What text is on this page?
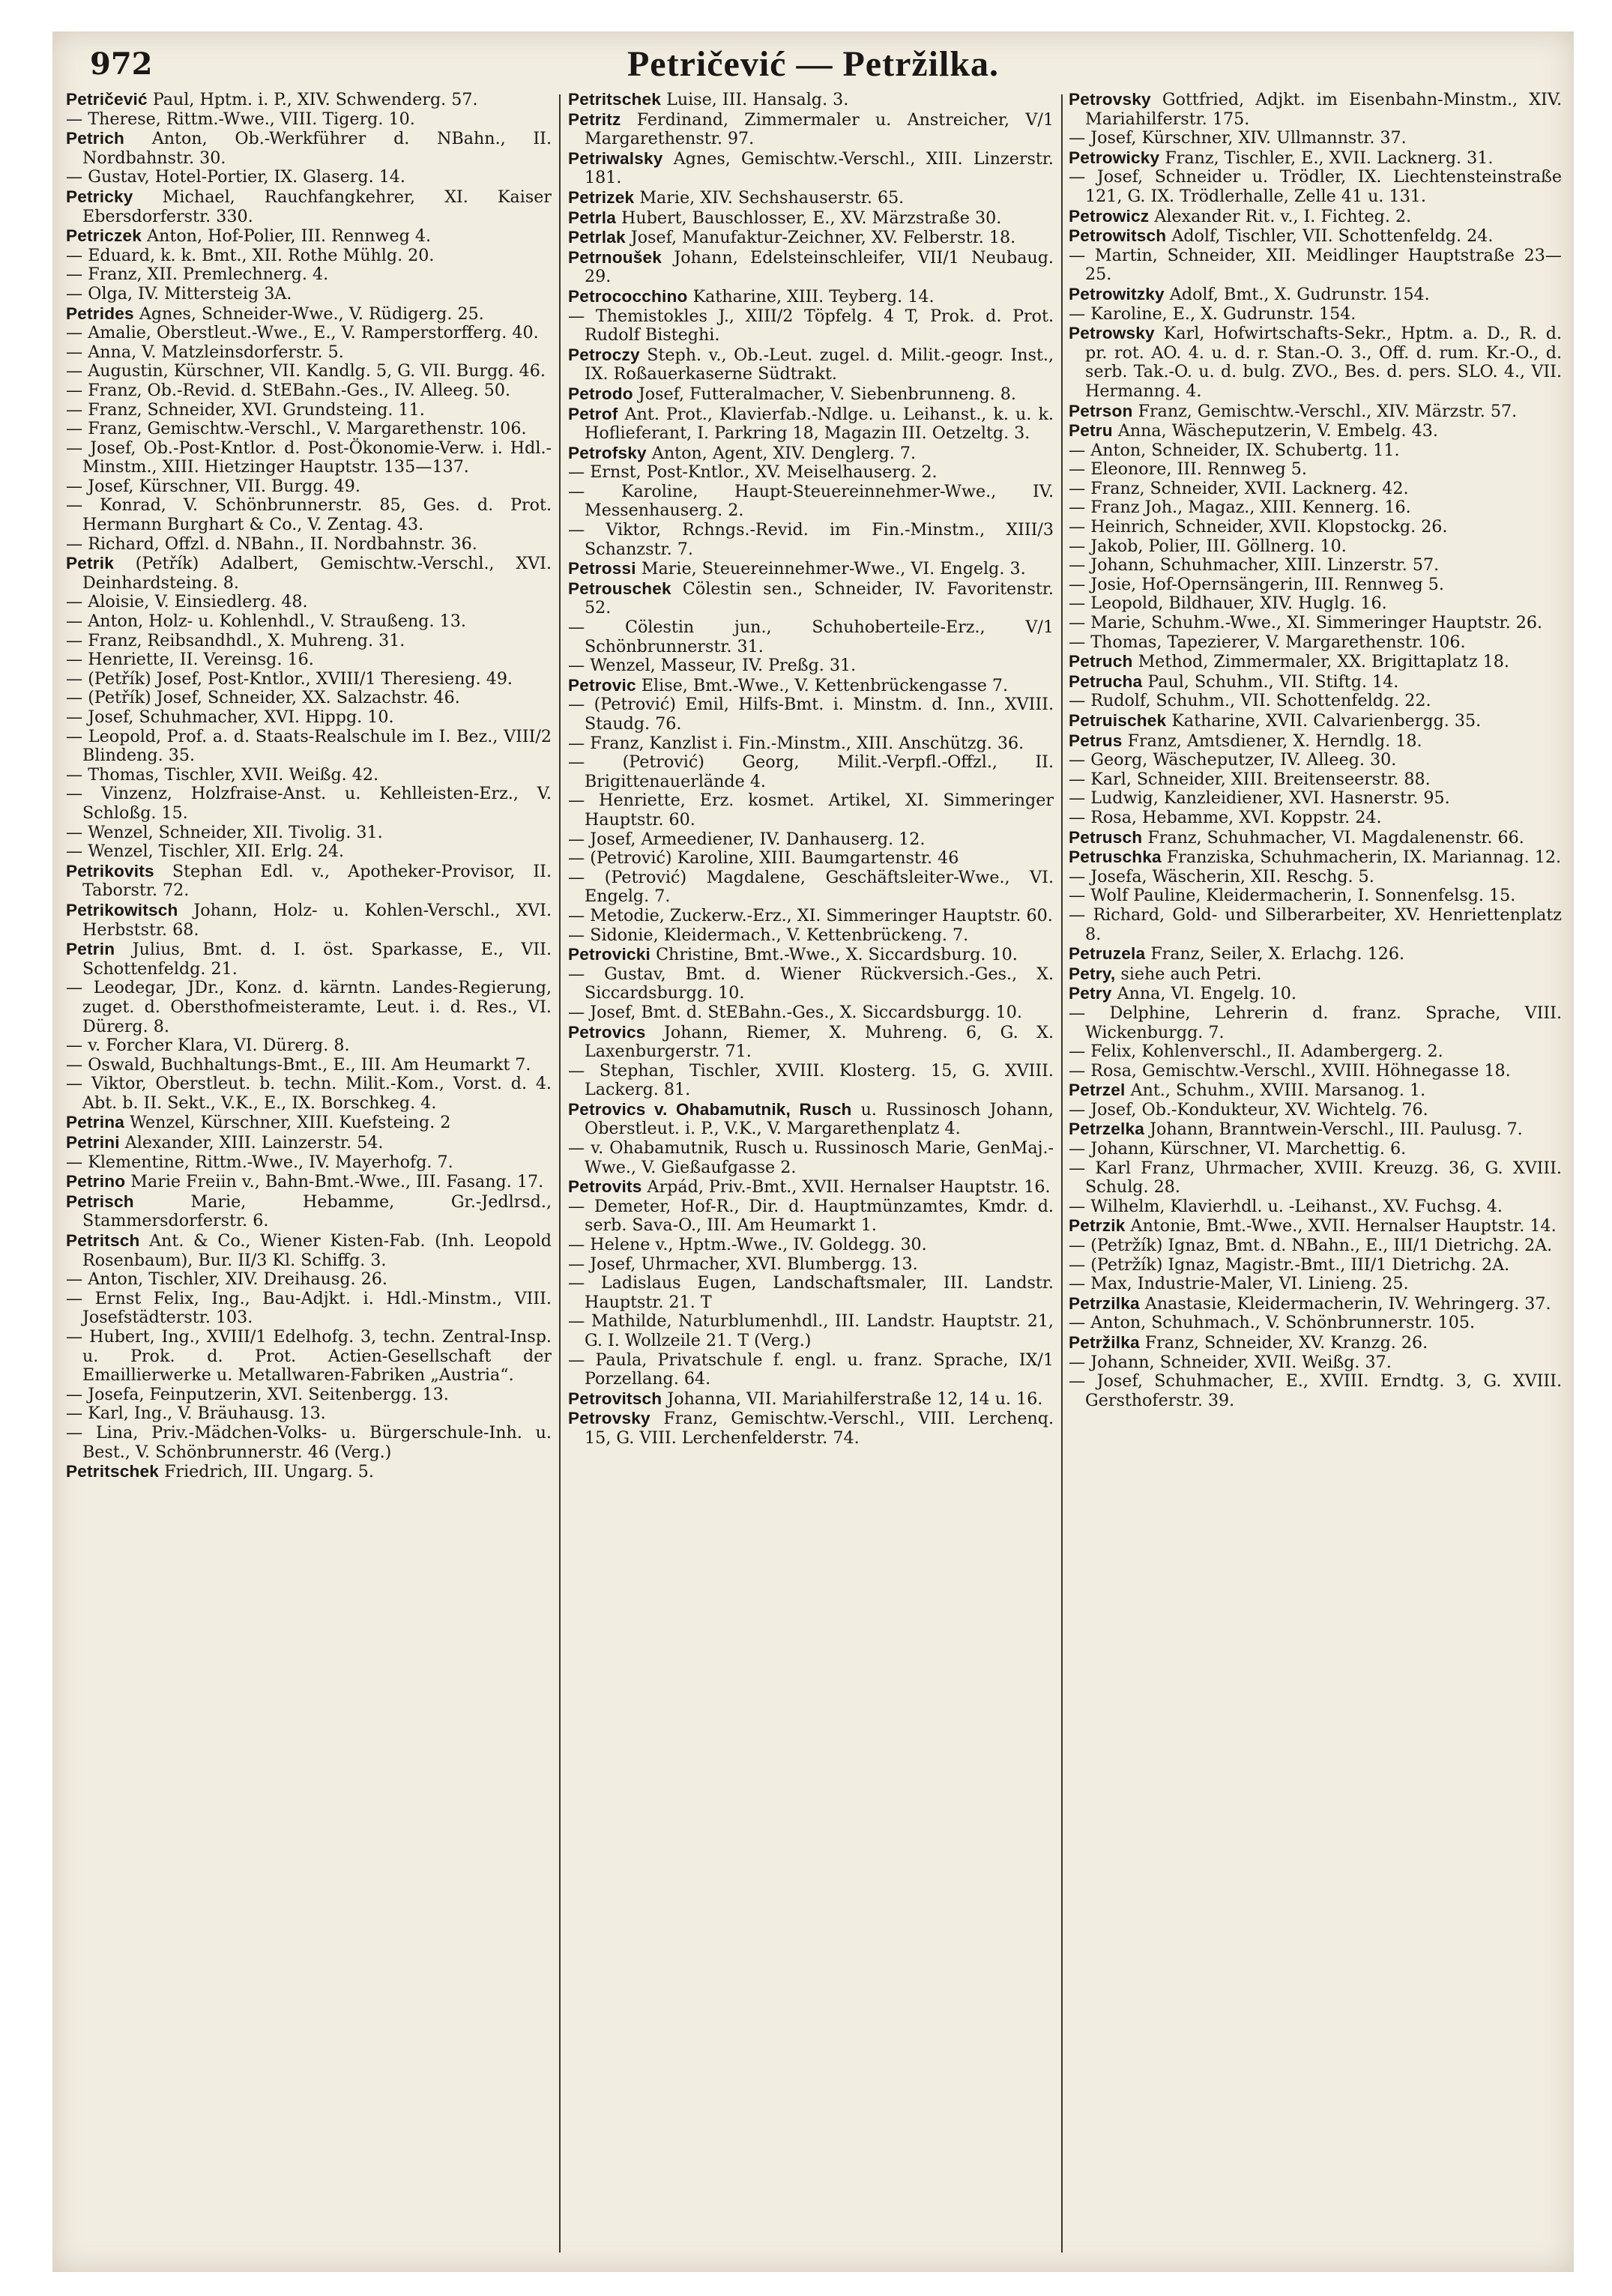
972	Petričević — Petržilka.
Petričević Paul, Hptm. i. P., XIV. Schwenderg. 57.
— Therese, Rittm.-Wwe., VIII. Tigerg. 10.
Petrich Anton, Ob.-Werkführer d. NBahn., II. Nordbahnstr. 30.
— Gustav, Hotel-Portier, IX. Glaserg. 14.
Petricky Michael, Rauchfangkehrer, XI. Kaiser Ebersdorferstr. 330.
Petriczek Anton, Hof-Polier, III. Rennweg 4.
— Eduard, k. k. Bmt., XII. Rothe Mühlg. 20.
— Franz, XII. Premlechnerg. 4.
— Olga, IV. Mittersteig 3A.
Petrides Agnes, Schneider-Wwe., V. Rüdigerg. 25.
— Amalie, Oberstleut.-Wwe., E., V. Ramperstorfferg. 40.
— Anna, V. Matzleinsdorferstr. 5.
— Augustin, Kürschner, VII. Kandlg. 5, G. VII. Burgg. 46.
— Franz, Ob.-Revid. d. StEBahn.-Ges., IV. Alleeg. 50.
— Franz, Schneider, XVI. Grundsteing. 11.
— Franz, Gemischtw.-Verschl., V. Margarethenstr. 106.
— Josef, Ob.-Post-Kntlor. d. Post-Ökonomie-Verw. i. Hdl.-Minstm., XIII. Hietzinger Hauptstr. 135—137.
— Josef, Kürschner, VII. Burgg. 49.
— Konrad, V. Schönbrunnerstr. 85, Ges. d. Prot. Hermann Burghart & Co., V. Zentag. 43.
— Richard, Offzl. d. NBahn., II. Nordbahnstr. 36.
Petrik (Petřík) Adalbert, Gemischtw.-Verschl., XVI. Deinhardsteing. 8.
— Aloisie, V. Einsiedlerg. 48.
— Anton, Holz- u. Kohlenhdl., V. Straußeng. 13.
— Franz, Reibsandhdl., X. Muhreng. 31.
— Henriette, II. Vereinsg. 16.
— (Petřík) Josef, Post-Kntlor., XVIII/1 Theresieng. 49.
— (Petřík) Josef, Schneider, XX. Salzachstr. 46.
— Josef, Schuhmacher, XVI. Hippg. 10.
— Leopold, Prof. a. d. Staats-Realschule im I. Bez., VIII/2 Blindeng. 35.
— Thomas, Tischler, XVII. Weißg. 42.
— Vinzenz, Holzfraise-Anst. u. Kehlleisten-Erz., V. Schloßg. 15.
— Wenzel, Schneider, XII. Tivolig. 31.
— Wenzel, Tischler, XII. Erlg. 24.
Petrikovits Stephan Edl. v., Apotheker-Provisor, II. Taborstr. 72.
Petrikowitsch Johann, Holz- u. Kohlen-Verschl., XVI. Herbststr. 68.
Petrin Julius, Bmt. d. I. öst. Sparkasse, E., VII. Schottenfeldg. 21.
— Leodegar, JDr., Konz. d. kärntn. Landes-Regierung, zuget. d. Obersthofmeisteramte, Leut. i. d. Res., VI. Dürerg. 8.
— v. Forcher Klara, VI. Dürerg. 8.
— Oswald, Buchhaltungs-Bmt., E., III. Am Heumarkt 7.
— Viktor, Oberstleut. b. techn. Milit.-Kom., Vorst. d. 4. Abt. b. II. Sekt., V.K., E., IX. Borschkeg. 4.
Petrina Wenzel, Kürschner, XIII. Kuefsteing. 2
Petrini Alexander, XIII. Lainzerstr. 54.
— Klementine, Rittm.-Wwe., IV. Mayerhofg. 7.
Petrino Marie Freiin v., Bahn-Bmt.-Wwe., III. Fasang. 17.
Petrisch Marie, Hebamme, Gr.-Jedlrsd., Stammersdorferstr. 6.
Petritsch Ant. & Co., Wiener Kisten-Fab. (Inh. Leopold Rosenbaum), Bur. II/3 Kl. Schiffg. 3.
— Anton, Tischler, XIV. Dreihausg. 26.
— Ernst Felix, Ing., Bau-Adjkt. i. Hdl.-Minstm., VIII. Josefstädterstr. 103.
— Hubert, Ing., XVIII/1 Edelhofg. 3, techn. Zentral-Insp. u. Prok. d. Prot. Actien-Gesellschaft der Emaillierwerke u. Metallwaren-Fabriken „Austria“.
— Josefa, Feinputzerin, XVI. Seitenbergg. 13.
— Karl, Ing., V. Bräuhausg. 13.
— Lina, Priv.-Mädchen-Volks- u. Bürgerschule-Inh. u. Best., V. Schönbrunnerstr. 46 (Verg.)
Petritschek Friedrich, III. Ungarg. 5.
Petritschek Luise, III. Hansalg. 3.
Petritz Ferdinand, Zimmermaler u. Anstreicher, V/1 Margarethenstr. 97.
Petriwalsky Agnes, Gemischtw.-Verschl., XIII. Linzerstr. 181.
Petrizek Marie, XIV. Sechshauserstr. 65.
Petrla Hubert, Bauschlosser, E., XV. Märzstraße 30.
Petrlak Josef, Manufaktur-Zeichner, XV. Felberstr. 18.
Petrnoušek Johann, Edelsteinschleifer, VII/1 Neubaug. 29.
Petrococchino Katharine, XIII. Teyberg. 14.
— Themistokles J., XIII/2 Töpfelg. 4 T, Prok. d. Prot. Rudolf Bisteghi.
Petroczy Steph. v., Ob.-Leut. zugel. d. Milit.-geogr. Inst., IX. Roßauerkaserne Südtrakt.
Petrodo Josef, Futteralmacher, V. Siebenbrunneng. 8.
Petrof Ant. Prot., Klavierfab.-Ndlge. u. Leihanst., k. u. k. Hoflieferant, I. Parkring 18, Magazin III. Oetzeltg. 3.
Petrofsky Anton, Agent, XIV. Denglerg. 7.
— Ernst, Post-Kntlor., XV. Meiselhauserg. 2.
— Karoline, Haupt-Steuereinnehmer-Wwe., IV. Messenhauserg. 2.
— Viktor, Rchngs.-Revid. im Fin.-Minstm., XIII/3 Schanzstr. 7.
Petrossi Marie, Steuereinnehmer-Wwe., VI. Engelg. 3.
Petrouschek Cölestin sen., Schneider, IV. Favoritenstr. 52.
— Cölestin jun., Schuhoberteile-Erz., V/1 Schönbrunnerstr. 31.
— Wenzel, Masseur, IV. Preßg. 31.
Petrovic Elise, Bmt.-Wwe., V. Kettenbrückengasse 7.
— (Petrović) Emil, Hilfs-Bmt. i. Minstm. d. Inn., XVIII. Staudg. 76.
— Franz, Kanzlist i. Fin.-Minstm., XIII. Anschützg. 36.
— (Petrović) Georg, Milit.-Verpfl.-Offzl., II. Brigittenauerlände 4.
— Henriette, Erz. kosmet. Artikel, XI. Simmeringer Hauptstr. 60.
— Josef, Armeediener, IV. Danhauserg. 12.
— (Petrović) Karoline, XIII. Baumgartenstr. 46
— (Petrović) Magdalene, Geschäftsleiter-Wwe., VI. Engelg. 7.
— Metodie, Zuckerw.-Erz., XI. Simmeringer Hauptstr. 60.
— Sidonie, Kleidermach., V. Kettenbrückeng. 7.
Petrovicki Christine, Bmt.-Wwe., X. Siccardsburg. 10.
— Gustav, Bmt. d. Wiener Rückversich.-Ges., X. Siccardsburgg. 10.
— Josef, Bmt. d. StEBahn.-Ges., X. Siccardsburgg. 10.
Petrovics Johann, Riemer, X. Muhreng. 6, G. X. Laxenburgerstr. 71.
— Stephan, Tischler, XVIII. Klosterg. 15, G. XVIII. Lackerg. 81.
Petrovics v. Ohabamutnik, Rusch u. Russinosch Johann, Oberstleut. i. P., V.K., V. Margarethenplatz 4.
— v. Ohabamutnik, Rusch u. Russinosch Marie, GenMaj.-Wwe., V. Gießaufgasse 2.
Petrovits Arpád, Priv.-Bmt., XVII. Hernalser Hauptstr. 16.
— Demeter, Hof-R., Dir. d. Hauptmünzamtes, Kmdr. d. serb. Sava-O., III. Am Heumarkt 1.
— Helene v., Hptm.-Wwe., IV. Goldegg. 30.
— Josef, Uhrmacher, XVI. Blumbergg. 13.
— Ladislaus Eugen, Landschaftsmaler, III. Landstr. Hauptstr. 21. T
— Mathilde, Naturblumenhdl., III. Landstr. Hauptstr. 21, G. I. Wollzeile 21. T (Verg.)
— Paula, Privatschule f. engl. u. franz. Sprache, IX/1 Porzellang. 64.
Petrovitsch Johanna, VII. Mariahilferstraße 12, 14 u. 16.
Petrovsky Franz, Gemischtw.-Verschl., VIII. Lerchenq. 15, G. VIII. Lerchenfelderstr. 74.
Petrovsky Gottfried, Adjkt. im Eisenbahn-Minstm., XIV. Mariahilferstr. 175.
— Josef, Kürschner, XIV. Ullmannstr. 37.
Petrowicky Franz, Tischler, E., XVII. Lacknerg. 31.
— Josef, Schneider u. Trödler, IX. Liechtensteinstraße 121, G. IX. Trödlerhalle, Zelle 41 u. 131.
Petrowicz Alexander Rit. v., I. Fichteg. 2.
Petrowitsch Adolf, Tischler, VII. Schottenfeldg. 24.
— Martin, Schneider, XII. Meidlinger Hauptstraße 23—25.
Petrowitzky Adolf, Bmt., X. Gudrunstr. 154.
— Karoline, E., X. Gudrunstr. 154.
Petrowsky Karl, Hofwirtschafts-Sekr., Hptm. a. D., R. d. pr. rot. AO. 4. u. d. r. Stan.-O. 3., Off. d. rum. Kr.-O., d. serb. Tak.-O. u. d. bulg. ZVO., Bes. d. pers. SLO. 4., VII. Hermanng. 4.
Petrson Franz, Gemischtw.-Verschl., XIV. Märzstr. 57.
Petru Anna, Wäscheputzerin, V. Embelg. 43.
— Anton, Schneider, IX. Schubertg. 11.
— Eleonore, III. Rennweg 5.
— Franz, Schneider, XVII. Lacknerg. 42.
— Franz Joh., Magaz., XIII. Kennerg. 16.
— Heinrich, Schneider, XVII. Klopstockg. 26.
— Jakob, Polier, III. Göllnerg. 10.
— Johann, Schuhmacher, XIII. Linzerstr. 57.
— Josie, Hof-Opernsängerin, III. Rennweg 5.
— Leopold, Bildhauer, XIV. Huglg. 16.
— Marie, Schuhm.-Wwe., XI. Simmeringer Hauptstr. 26.
— Thomas, Tapezierer, V. Margarethenstr. 106.
Petruch Method, Zimmermaler, XX. Brigittaplatz 18.
Petrucha Paul, Schuhm., VII. Stiftg. 14.
— Rudolf, Schuhm., VII. Schottenfeldg. 22.
Petruischek Katharine, XVII. Calvarienbergg. 35.
Petrus Franz, Amtsdiener, X. Herndlg. 18.
— Georg, Wäscheputzer, IV. Alleeg. 30.
— Karl, Schneider, XIII. Breitenseerstr. 88.
— Ludwig, Kanzleidiener, XVI. Hasnerstr. 95.
— Rosa, Hebamme, XVI. Koppstr. 24.
Petrusch Franz, Schuhmacher, VI. Magdalenenstr. 66.
Petruschka Franziska, Schuhmacherin, IX. Mariannag. 12.
— Josefa, Wäscherin, XII. Reschg. 5.
— Wolf Pauline, Kleidermacherin, I. Sonnenfelsg. 15.
— Richard, Gold- und Silberarbeiter, XV. Henriettenplatz 8.
Petruzela Franz, Seiler, X. Erlachg. 126.
Petry, siehe auch Petri.
Petry Anna, VI. Engelg. 10.
— Delphine, Lehrerin d. franz. Sprache, VIII. Wickenburgg. 7.
— Felix, Kohlenverschl., II. Adambergerg. 2.
— Rosa, Gemischtw.-Verschl., XVIII. Höhnegasse 18.
Petrzel Ant., Schuhm., XVIII. Marsanog. 1.
— Josef, Ob.-Kondukteur, XV. Wichtelg. 76.
Petrzelka Johann, Branntwein-Verschl., III. Paulusg. 7.
— Johann, Kürschner, VI. Marchettig. 6.
— Karl Franz, Uhrmacher, XVIII. Kreuzg. 36, G. XVIII. Schulg. 28.
— Wilhelm, Klavierhdl. u. -Leihanst., XV. Fuchsg. 4.
Petrzik Antonie, Bmt.-Wwe., XVII. Hernalser Hauptstr. 14.
— (Petržík) Ignaz, Bmt. d. NBahn., E., III/1 Dietrichg. 2A.
— (Petržík) Ignaz, Magistr.-Bmt., III/1 Dietrichg. 2A.
— Max, Industrie-Maler, VI. Linieng. 25.
Petrzilka Anastasie, Kleidermacherin, IV. Wehringerg. 37.
— Anton, Schuhmach., V. Schönbrunnerstr. 105.
Petržilka Franz, Schneider, XV. Kranzg. 26.
— Johann, Schneider, XVII. Weißg. 37.
— Josef, Schuhmacher, E., XVIII. Erndtg. 3, G. XVIII. Gersthoferstr. 39.
